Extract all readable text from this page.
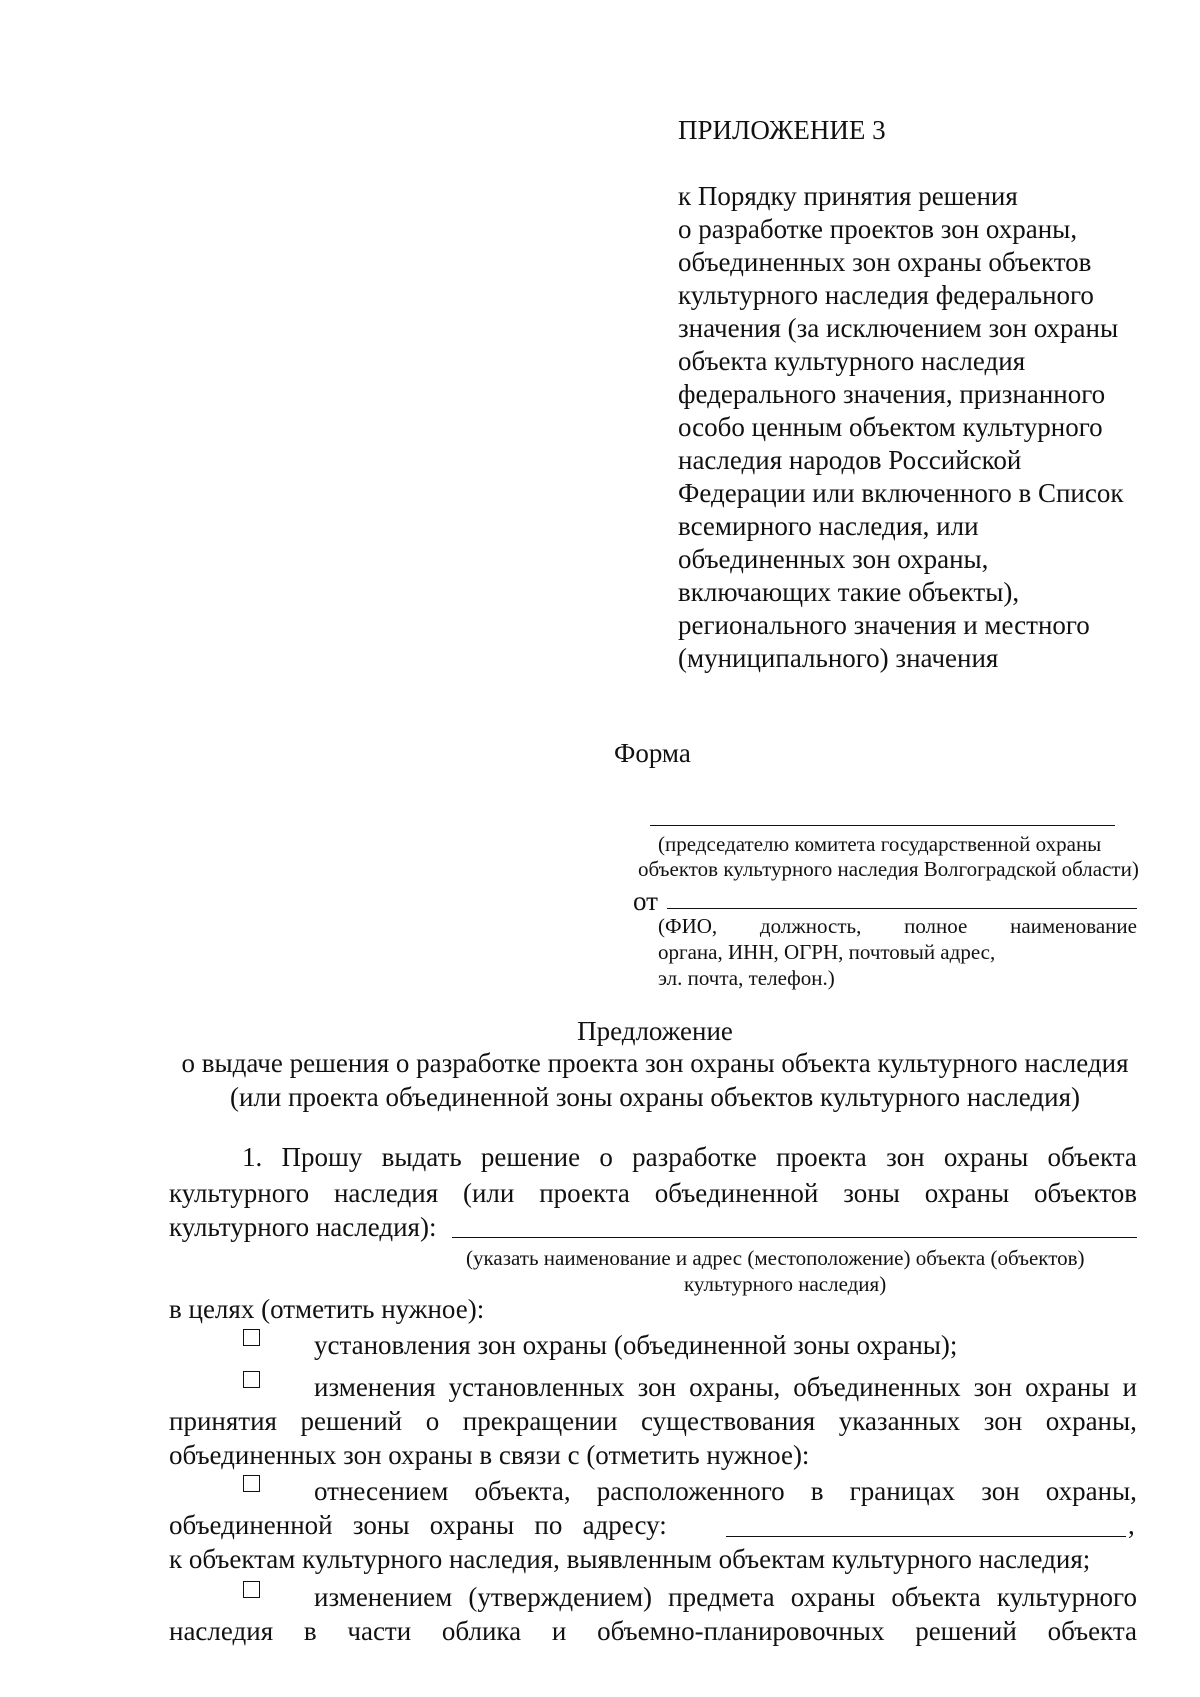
ПРИЛОЖЕНИЕ 3
к Порядку принятия решения
о разработке проектов зон охраны,
объединенных зон охраны объектов
культурного наследия федерального
значения (за исключением зон охраны
объекта культурного наследия
федерального значения, признанного
особо ценным объектом культурного
наследия народов Российской
Федерации или включенного в Список
всемирного наследия, или
объединенных зон охраны,
включающих такие объекты),
регионального значения и местного
(муниципального) значения
Форма
(председателю комитета государственной охраны
объектов культурного наследия Волгоградской области)
от
(ФИО, должность, полное наименование
органа, ИНН, ОГРН, почтовый адрес,
эл. почта, телефон.)
Предложение
о выдаче решения о разработке проекта зон охраны объекта культурного наследия
(или проекта объединенной зоны охраны объектов культурного наследия)
1. Прошу выдать решение о разработке проекта зон охраны объекта
культурного наследия (или проекта объединенной зоны охраны объектов
культурного наследия):
(указать наименование и адрес (местоположение) объекта (объектов)
культурного наследия)
в целях (отметить нужное):
установления зон охраны (объединенной зоны охраны);
изменения установленных зон охраны, объединенных зон охраны и
принятия решений о прекращении существования указанных зон охраны,
объединенных зон охраны в связи с (отметить нужное):
отнесением объекта, расположенного в границах зон охраны,
объединенной   зоны   охраны   по   адресу:	,
к объектам культурного наследия, выявленным объектам культурного наследия;
изменением (утверждением) предмета охраны объекта культурного
наследия в части облика и объемно-планировочных решений объекта
